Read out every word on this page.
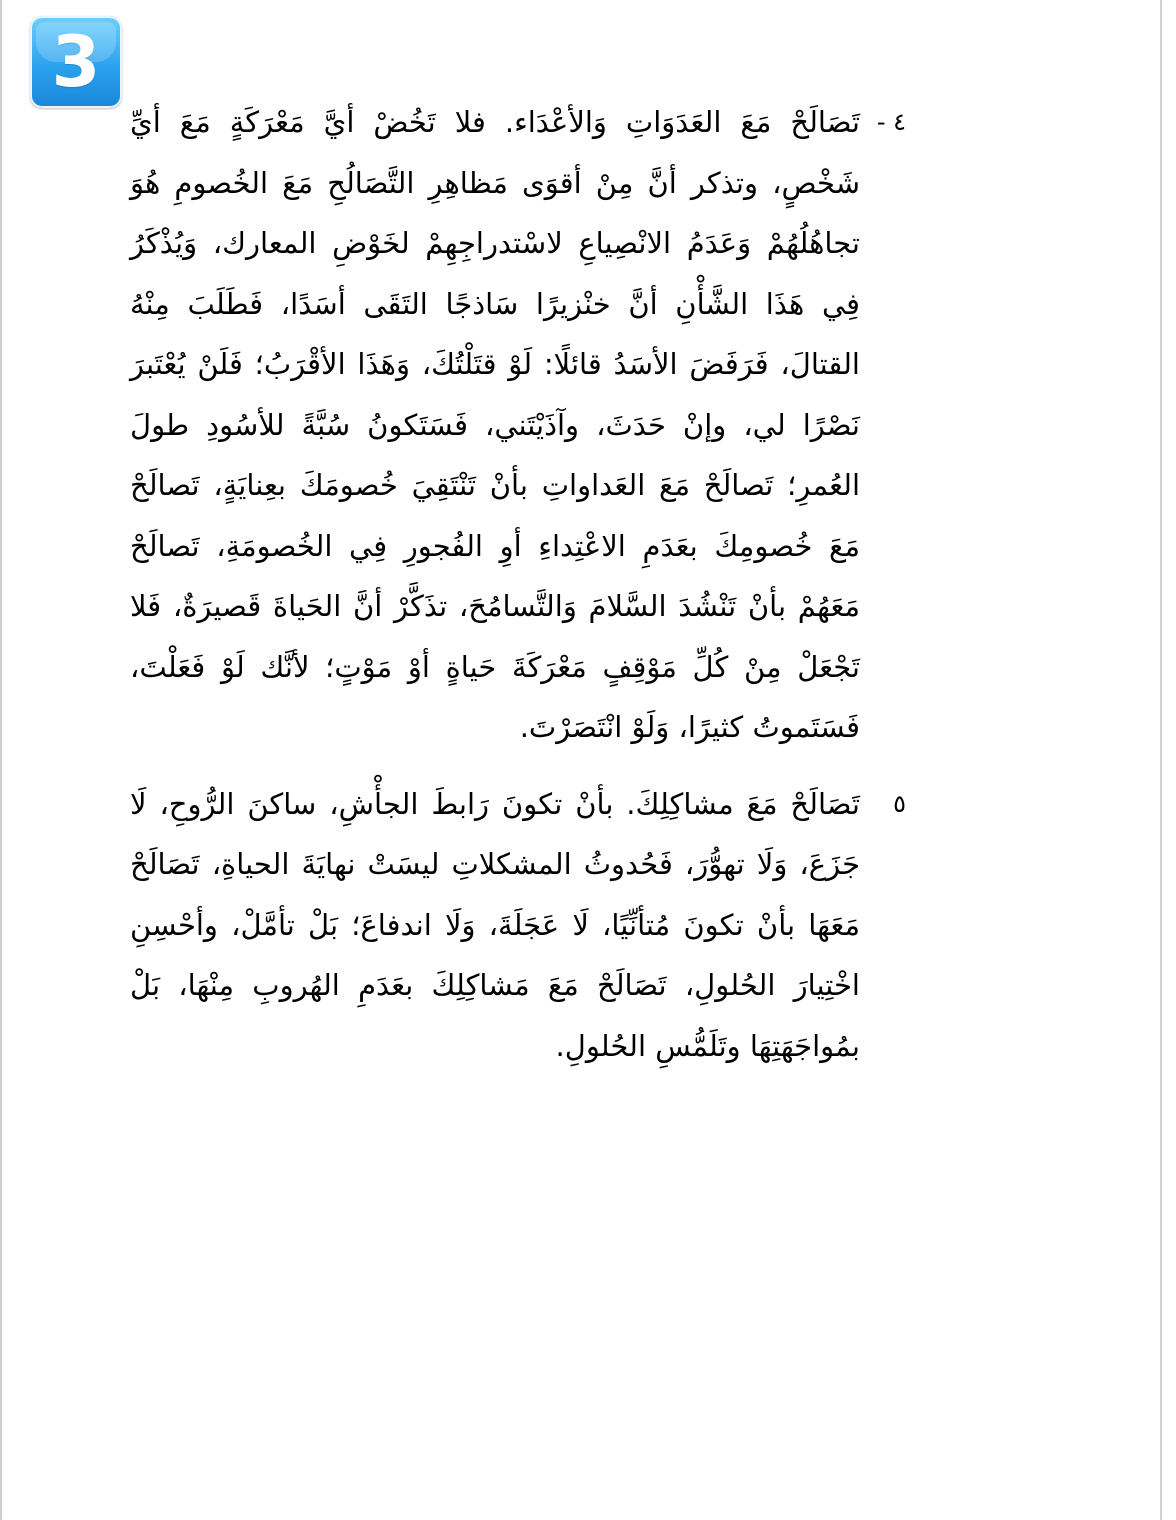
3

٤ -
تَصَالَحْ مَعَ العَدَوَاتِ وَالأعْدَاء. فلا تَخُضْ أيَّ مَعْرَكَةٍ مَعَ أيِّ شَخْصٍ، وتذكر أنَّ مِنْ أقوَى مَظاهِرِ التَّصَالُحِ مَعَ الخُصومِ هُوَ تجاهُلُهُمْ وَعَدَمُ الانْصِياعِ لاسْتدراجِهِمْ لخَوْضِ المعارك، وَيُذْكَرُ فِي هَذَا الشَّأْنِ أنَّ خنْزيرًا سَاذجًا التَقَى أسَدًا، فَطَلَبَ مِنْهُ القتالَ، فَرَفَضَ الأسَدُ قائلًا: لَوْ قتَلْتُكَ، وَهَذَا الأقْرَبُ؛ فَلَنْ يُعْتَبرَ نَصْرًا لي، وإنْ حَدَثَ، وآذَيْتَني، فَسَتَكونُ سُبَّةً للأسُودِ طولَ العُمرِ؛ تَصالَحْ مَعَ العَداواتِ بأنْ تَنْتَقِيَ خُصومَكَ بعِنايَةٍ، تَصالَحْ مَعَ خُصومِكَ بعَدَمِ الاعْتِداءِ أوِ الفُجورِ فِي الخُصومَةِ، تَصالَحْ مَعَهُمْ بأنْ تَنْشُدَ السَّلامَ وَالتَّسامُحَ، تذَكَّرْ أنَّ الحَياةَ قَصيرَةٌ، فَلا تَجْعَلْ مِنْ كُلِّ مَوْقِفٍ مَعْرَكَةَ حَياةٍ أوْ مَوْتٍ؛ لأنَّك لَوْ فَعَلْتَ، فَسَتَموتُ كثيرًا، وَلَوْ انْتَصَرْتَ.

٥
تَصَالَحْ مَعَ مشاكِلِكَ. بأنْ تكونَ رَابطَ الجأْشِ، ساكنَ الرُّوحِ، لَا جَزَعَ، وَلَا تهوُّرَ، فَحُدوثُ المشكلاتِ ليسَتْ نهايَةَ الحياةِ، تَصَالَحْ مَعَهَا بأنْ تكونَ مُتأنِّيًا، لَا عَجَلَةَ، وَلَا اندفاعَ؛ بَلْ تأمَّلْ، وأحْسِنِ اخْتِيارَ الحُلولِ، تَصَالَحْ مَعَ مَشاكِلِكَ بعَدَمِ الهُروبِ مِنْهَا، بَلْ بمُواجَهَتِهَا وتَلَمُّسِ الحُلولِ.
